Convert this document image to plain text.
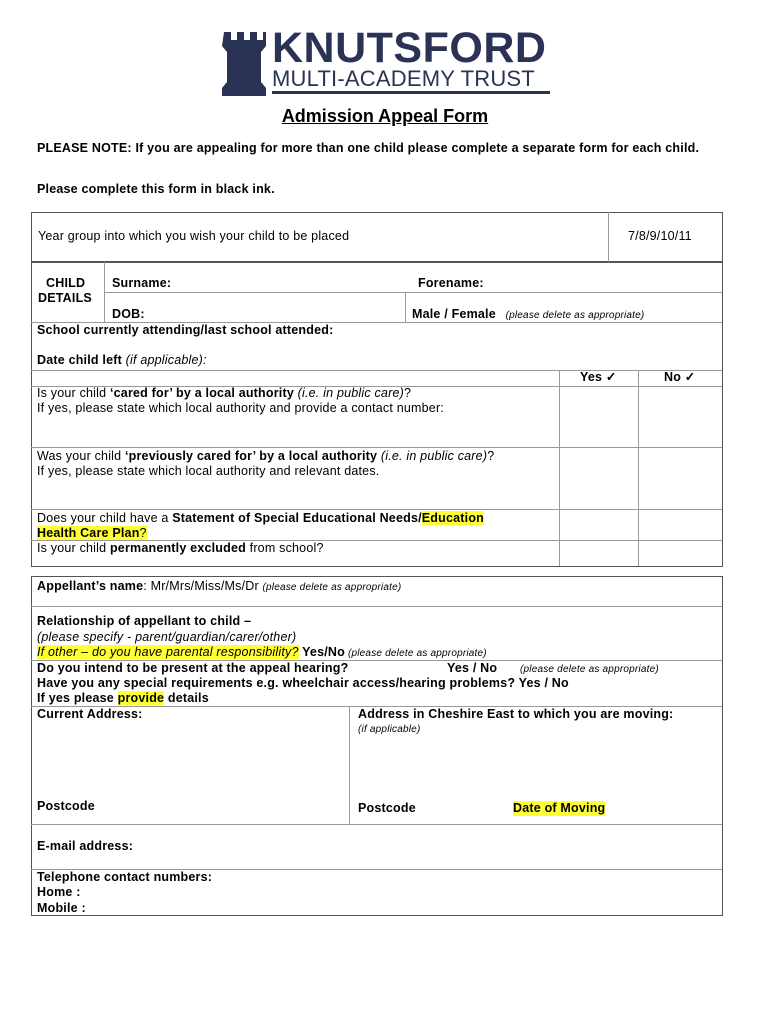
KNUTSFORD
MULTI-ACADEMY TRUST
Admission Appeal Form
PLEASE NOTE: If you are appealing for more than one child please complete a separate form for each child.
Please complete this form in black ink.
Year group into which you wish your child to be placed	7/8/9/10/11
CHILD
DETAILS
Surname:	Forename:
DOB:	Male / Female (please delete as appropriate)
School currently attending/last school attended:
Date child left (if applicable):
Yes ✓	No ✓
Is your child ‘cared for’ by a local authority (i.e. in public care)?
If yes, please state which local authority and provide a contact number:
Was your child ‘previously cared for’ by a local authority (i.e. in public care)?
If yes, please state which local authority and relevant dates.
Does your child have a Statement of Special Educational Needs/Education
Health Care Plan?
Is your child permanently excluded from school?
Appellant’s name: Mr/Mrs/Miss/Ms/Dr (please delete as appropriate)
Relationship of appellant to child –
(please specify - parent/guardian/carer/other)
If other – do you have parental responsibility? Yes/No (please delete as appropriate)
Do you intend to be present at the appeal hearing?	Yes / No (please delete as appropriate)
Have you any special requirements e.g. wheelchair access/hearing problems? Yes / No
If yes please provide details
Current Address:	Address in Cheshire East to which you are moving:
(if applicable)
Postcode	Postcode	Date of Moving
E-mail address:
Telephone contact numbers:
Home :
Mobile :
